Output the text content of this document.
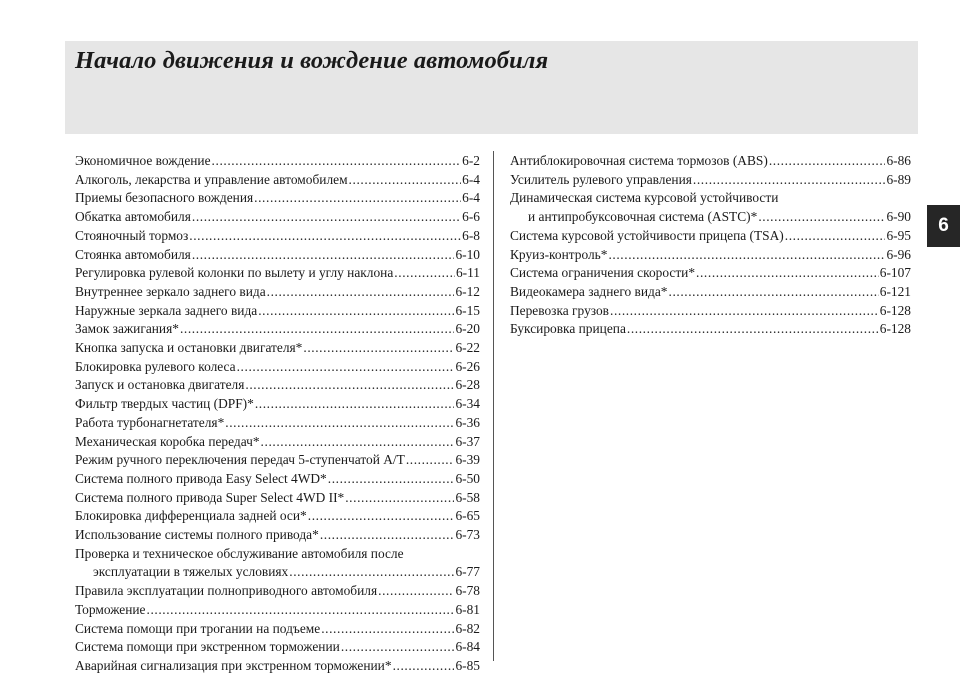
Начало движения и вождение автомобиля
6
Экономичное вождение .....	6-2
Алкоголь, лекарства и управление автомобилем .....	6-4
Приемы безопасного вождения .....	6-4
Обкатка автомобиля .....	6-6
Стояночный тормоз .....	6-8
Стоянка автомобиля .....	6-10
Регулировка рулевой колонки по вылету и углу наклона .....	6-11
Внутреннее зеркало заднего вида .....	6-12
Наружные зеркала заднего вида .....	6-15
Замок зажигания* .....	6-20
Кнопка запуска и остановки двигателя* .....	6-22
Блокировка рулевого колеса .....	6-26
Запуск и остановка двигателя .....	6-28
Фильтр твердых частиц (DPF)* .....	6-34
Работа турбонагнетателя* .....	6-36
Механическая коробка передач* .....	6-37
Режим ручного переключения передач 5-ступенчатой A/T .....	6-39
Система полного привода Easy Select 4WD* .....	6-50
Система полного привода Super Select 4WD II* .....	6-58
Блокировка дифференциала задней оси* .....	6-65
Использование системы полного привода* .....	6-73
Проверка и техническое обслуживание автомобиля после
эксплуатации в тяжелых условиях .....	6-77
Правила эксплуатации полноприводного автомобиля .....	6-78
Торможение .....	6-81
Система помощи при трогании на подъеме .....	6-82
Система помощи при экстренном торможении .....	6-84
Аварийная сигнализация при экстренном торможении* .....	6-85
Антиблокировочная система тормозов (ABS) .....	6-86
Усилитель рулевого управления .....	6-89
Динамическая система курсовой устойчивости
и антипробуксовочная система (ASTC)* .....	6-90
Система курсовой устойчивости прицепа (TSA) .....	6-95
Круиз-контроль* .....	6-96
Система ограничения скорости* .....	6-107
Видеокамера заднего вида* .....	6-121
Перевозка грузов .....	6-128
Буксировка прицепа .....	6-128
